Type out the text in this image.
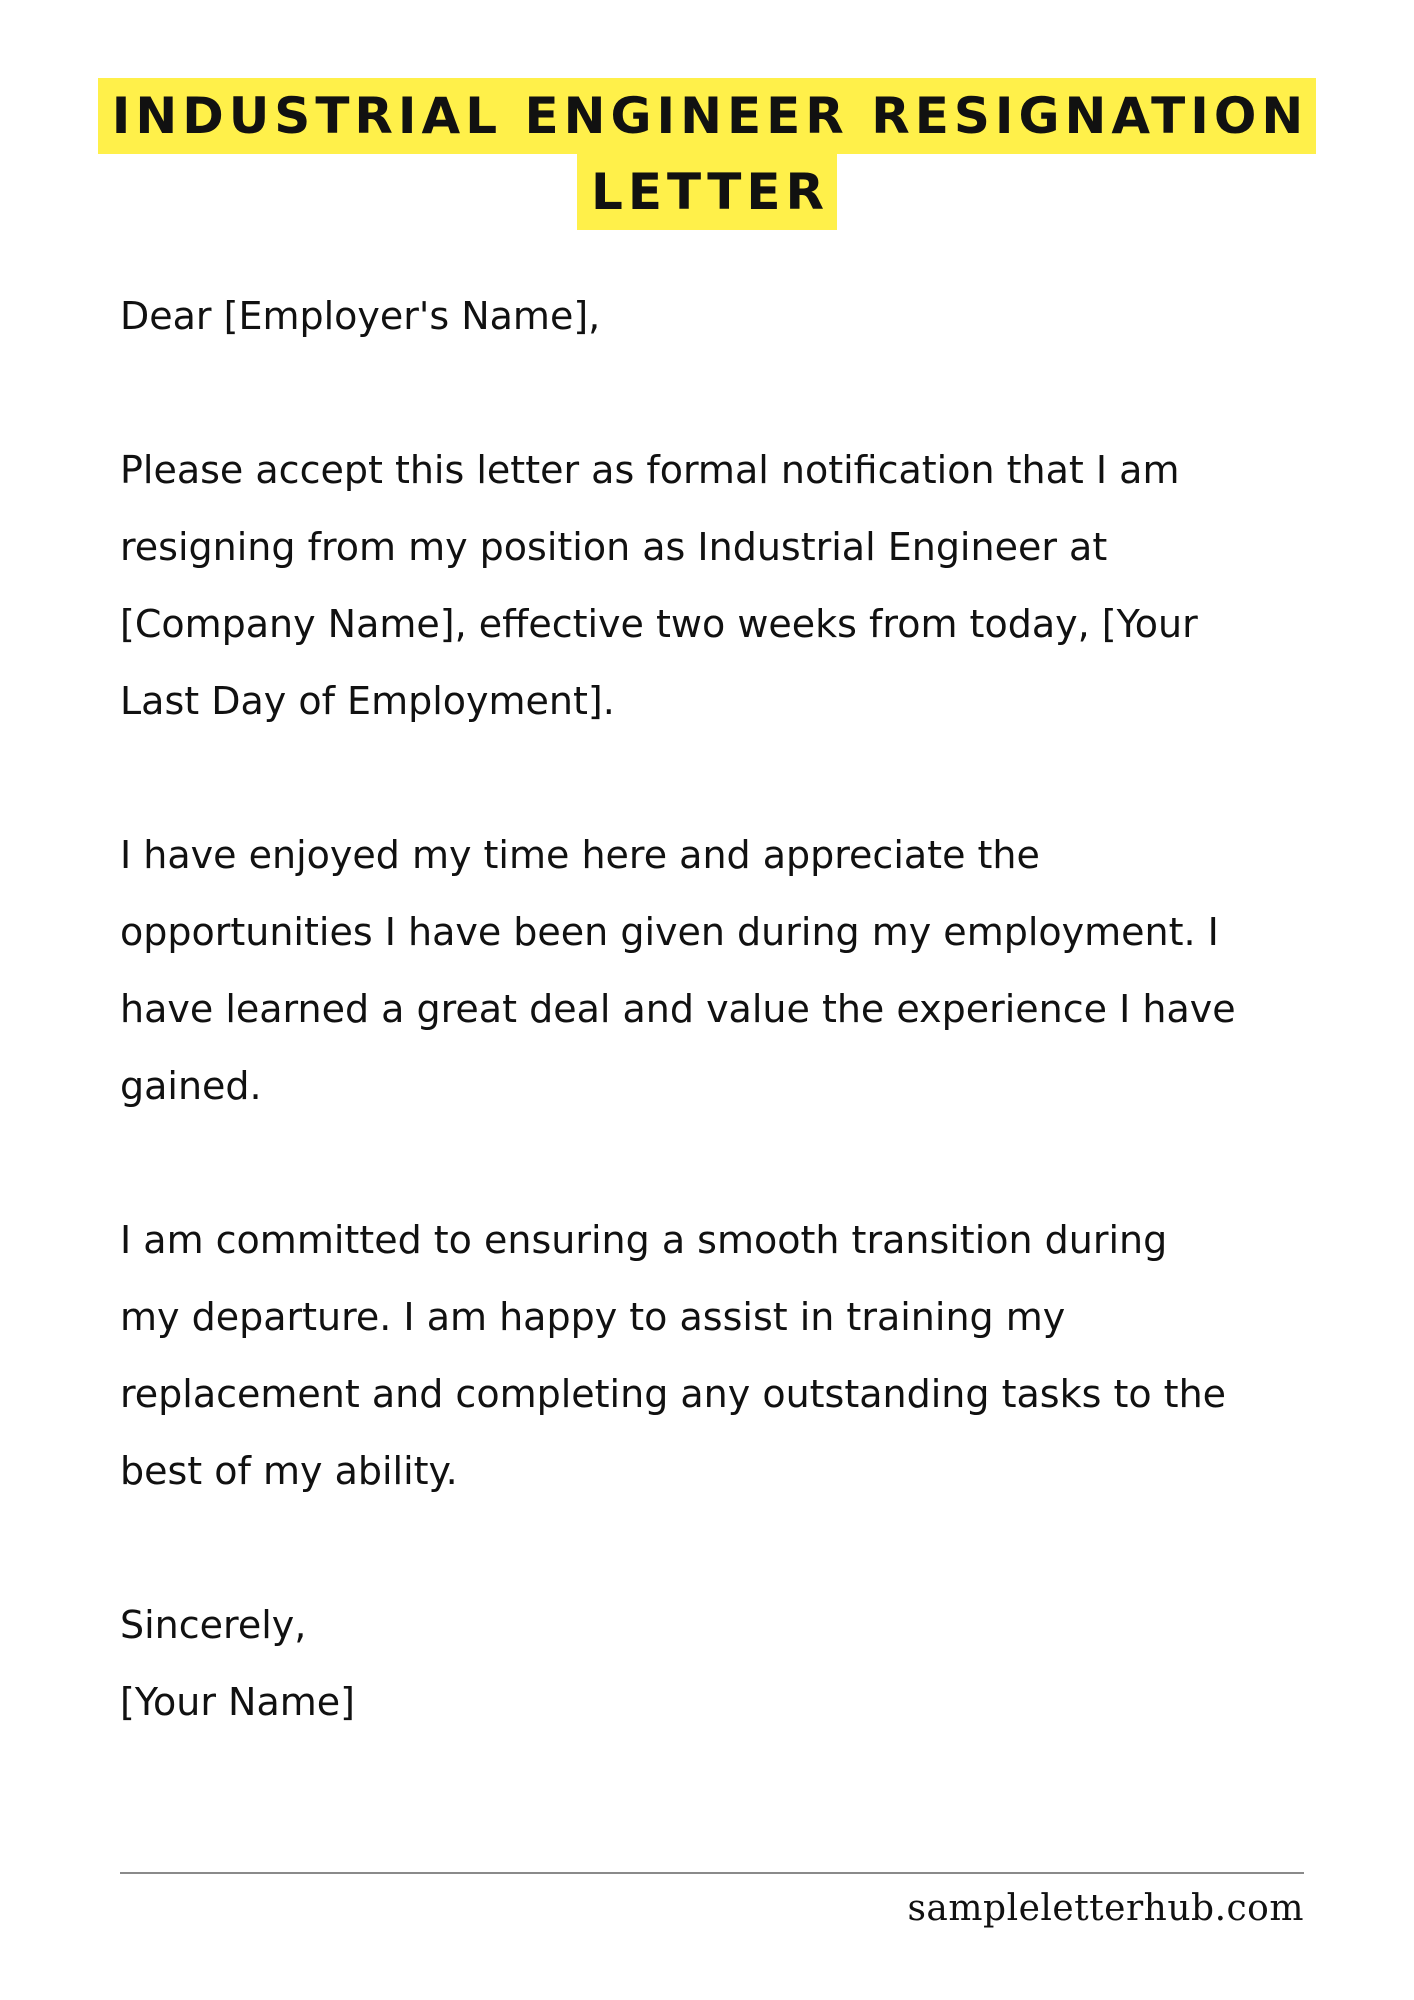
INDUSTRIAL ENGINEER RESIGNATION
LETTER
Dear [Employer's Name],
Please accept this letter as formal notification that I am
resigning from my position as Industrial Engineer at
[Company Name], effective two weeks from today, [Your
Last Day of Employment].
I have enjoyed my time here and appreciate the
opportunities I have been given during my employment. I
have learned a great deal and value the experience I have
gained.
I am committed to ensuring a smooth transition during
my departure. I am happy to assist in training my
replacement and completing any outstanding tasks to the
best of my ability.
Sincerely,
[Your Name]
sampleletterhub.com
